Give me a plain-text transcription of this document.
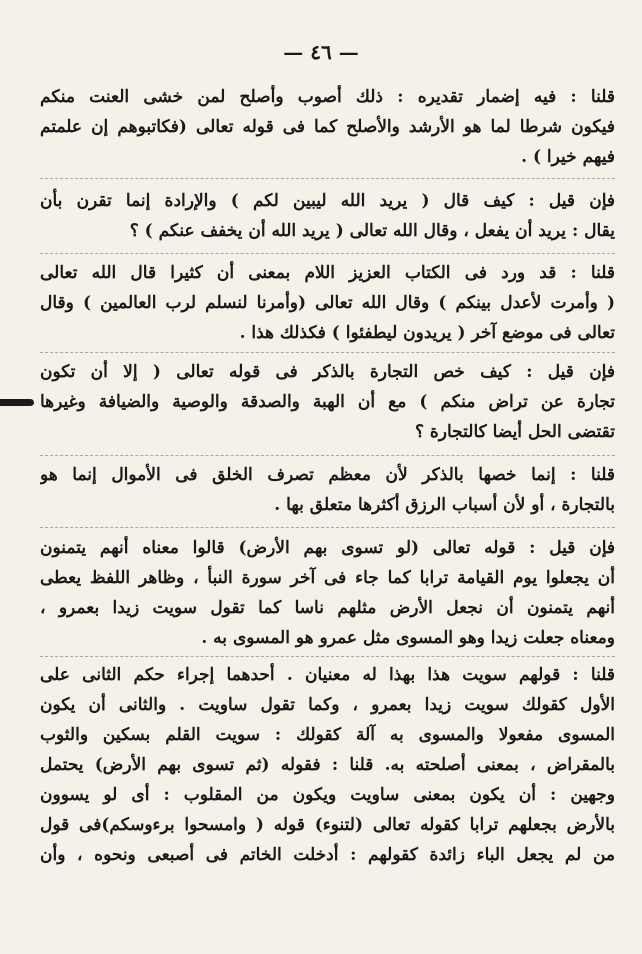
— ٤٦ —
قلنا : فيه إضمار تقديره : ذلك أصوب وأصلح لمن خشى العنت منكم
فيكون شرطا لما هو الأرشد والأصلح كما فى قوله تعالى (فكاتبوهم إن علمتم
فيهم خيرا ) .
فإن قيل : كيف قال ( يريد الله ليبين لكم ) والإرادة إنما تقرن بأن
يقال : يريد أن يفعل ، وقال الله تعالى ( يريد الله أن يخفف عنكم ) ؟
قلنا : قد ورد فى الكتاب العزيز اللام بمعنى أن كثيرا قال الله تعالى
( وأمرت لأعدل بينكم ) وقال الله تعالى (وأمرنا لنسلم لرب العالمين ) وقال
تعالى فى موضع آخر ( يريدون ليطفئوا ) فكذلك هذا .
فإن قيل : كيف خص التجارة بالذكر فى قوله تعالى ( إلا أن تكون
تجارة عن تراض منكم ) مع أن الهبة والصدقة والوصية والضيافة وغيرها
تقتضى الحل أيضا كالتجارة ؟
قلنا : إنما خصها بالذكر لأن معظم تصرف الخلق فى الأموال إنما هو
بالتجارة ، أو لأن أسباب الرزق أكثرها متعلق بها .
فإن قيل : قوله تعالى (لو تسوى بهم الأرض) قالوا معناه أنهم يتمنون
أن يجعلوا يوم القيامة ترابا كما جاء فى آخر سورة النبأ ، وظاهر اللفظ يعطى
أنهم يتمنون أن نجعل الأرض مثلهم ناسا كما تقول سويت زيدا بعمرو ،
ومعناه جعلت زيدا وهو المسوى مثل عمرو هو المسوى به .
قلنا : قولهم سويت هذا بهذا له معنيان . أحدهما إجراء حكم الثانى على
الأول كقولك سويت زيدا بعمرو ، وكما تقول ساويت . والثانى أن يكون
المسوى مفعولا والمسوى به آلة كقولك : سويت القلم بسكين والثوب
بالمقراض ، بمعنى أصلحته به. قلنا : فقوله (ثم تسوى بهم الأرض) يحتمل
وجهين : أن يكون بمعنى ساويت ويكون من المقلوب : أى لو يسوون
بالأرض بجعلهم ترابا كقوله تعالى (لتنوء) قوله ( وامسحوا برءوسكم)فى قول
من لم يجعل الباء زائدة كقولهم : أدخلت الخاتم فى أصبعى ونحوه ، وأن
